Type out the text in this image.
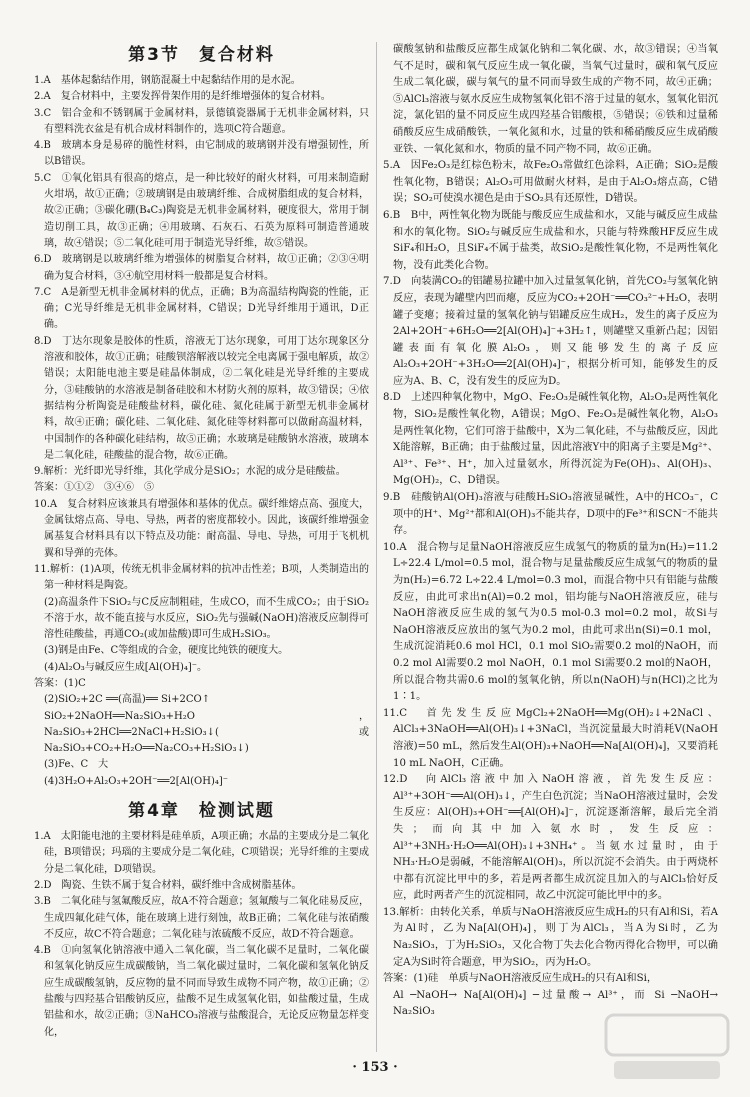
第3节　复合材料

1.A　基体起黏结作用，钢筋混凝土中起黏结作用的是水泥。

2.A　复合材料中，主要发挥骨架作用的是纤维增强体的复合材料。

3.C　铝合金和不锈钢属于金属材料，景德镇瓷器属于无机非金属材料，只有塑料洗衣盆是有机合成材料制作的，选项C符合题意。

4.B　玻璃本身是易碎的脆性材料，由它制成的玻璃钢并没有增强韧性，所以B错误。

5.C　①氧化铝具有很高的熔点，是一种比较好的耐火材料，可用来制造耐火坩埚，故①正确；②玻璃钢是由玻璃纤维、合成树脂组成的复合材料，故②正确；③碳化硼(B₄C₃)陶瓷是无机非金属材料，硬度很大，常用于制造切削工具，故③正确；④用玻璃、石灰石、石英为原料可制造普通玻璃，故④错误；⑤二氧化硅可用于制造光导纤维，故⑤错误。

6.D　玻璃钢是以玻璃纤维为增强体的树脂复合材料，故①正确；②③④明确为复合材料，③④航空用材料一般都是复合材料。

7.C　A是新型无机非金属材料的优点，正确；B为高温结构陶瓷的性能，正确；C光导纤维是无机非金属材料，C错误；D光导纤维用于通讯，D正确。

8.D　丁达尔现象是胶体的性质，溶液无丁达尔现象，可用丁达尔现象区分溶液和胶体，故①正确；硅酸钡溶解液以较完全电离属于强电解质，故②错误；太阳能电池主要是硅晶体制成，②二氧化硅是光导纤维的主要成分，③硅酸钠的水溶液是制备硅胶和木材防火剂的原料，故③错误；④依据结构分析陶瓷是硅酸盐材料，碳化硅、氮化硅属于新型无机非金属材料，故④正确；碳化硅、二氧化硅、氮化硅等材料都可以做耐高温材料，中国制作的各种碳化硅结构，故⑤正确；水玻璃是硅酸钠水溶液，玻璃本是二氧化硅，硅酸盐的混合物，故⑥正确。

9.解析：光纤即光导纤维，其化学成分是SiO₂；水泥的成分是硅酸盐。

答案：①①②　③④⑥　⑤

10.A　复合材料应该兼具有增强体和基体的优点。碳纤维熔点高、强度大，金属钛熔点高、导电、导热，两者的密度都较小。因此，该碳纤维增强金属基复合材料具有以下特点及功能：耐高温、导电、导热，可用于飞机机翼和导弹的壳体。

11.解析：(1)A项，传统无机非金属材料的抗冲击性差；B项，人类制造出的第一种材料是陶瓷。

(2)高温条件下SiO₂与C反应制粗硅，生成CO，而不生成CO₂；由于SiO₂不溶于水，故不能直接与水反应，SiO₂先与强碱(NaOH)溶液反应制得可溶性硅酸盐，再通CO₂(或加盐酸)即可生成H₂SiO₃。

(3)钢是由Fe、C等组成的合金，硬度比纯铁的硬度大。

(4)Al₂O₃与碱反应生成[Al(OH)₄]⁻。

答案：(1)C

(2)SiO₂+2C ══(高温)══ Si+2CO↑

SiO₂+2NaOH══Na₂SiO₃+H₂O，Na₂SiO₃+2HCl══2NaCl+H₂SiO₃↓(或Na₂SiO₃+CO₂+H₂O══Na₂CO₃+H₂SiO₃↓)

(3)Fe、C　大

(4)3H₂O+Al₂O₃+2OH⁻══2[Al(OH)₄]⁻

第4章　检测试题

1.A　太阳能电池的主要材料是硅单质，A项正确；水晶的主要成分是二氧化硅，B项错误；玛瑙的主要成分是二氧化硅，C项错误；光导纤维的主要成分是二氧化硅，D项错误。

2.D　陶瓷、生铁不属于复合材料，碳纤维中含成树脂基体。

3.B　二氧化硅与氢氟酸反应，故A不符合题意；氢氟酸与二氧化硅易反应，生成四氟化硅气体，能在玻璃上进行刻蚀，故B正确；二氧化硅与浓硝酸不反应，故C不符合题意；二氧化硅与浓硫酸不反应，故D不符合题意。

4.B　①向氢氧化钠溶液中通入二氧化碳，当二氧化碳不足量时，二氧化碳和氢氧化钠反应生成碳酸钠，当二氧化碳过量时，二氧化碳和氢氧化钠反应生成碳酸氢钠，反应物的量不同而导致生成物不同产物，故①正确；②盐酸与四羟基合铝酸钠反应，盐酸不足生成氢氧化铝，如盐酸过量，生成铝盐和水，故②正确；③NaHCO₃溶液与盐酸混合，无论反应物量怎样变化，

碳酸氢钠和盐酸反应都生成氯化钠和二氧化碳、水，故③错误；④当氧气不足时，碳和氧气反应生成一氧化碳，当氧气过量时，碳和氧气反应生成二氧化碳，碳与氧气的量不同而导致生成的产物不同，故④正确；⑤AlCl₃溶液与氨水反应生成物氢氧化铝不溶于过量的氨水，氢氧化铝沉淀，氯化铝的量不同反应生成四羟基合铝酸根，⑤错误；⑥铁和过量稀硝酸反应生成硝酸铁，一氧化氮和水，过量的铁和稀硝酸反应生成硝酸亚铁、一氧化氮和水，物质的量不同产物不同，故⑥正确。

5.A　因Fe₂O₃是红棕色粉末，故Fe₂O₃常做红色涂料，A正确；SiO₂是酸性氧化物，B错误；Al₂O₃可用做耐火材料，是由于Al₂O₃熔点高，C错误；SO₂可使溴水褪色是由于SO₂具有还原性，D错误。

6.B　B中，两性氧化物为既能与酸反应生成盐和水，又能与碱反应生成盐和水的氧化物。SiO₂与碱反应生成盐和水，只能与特殊酸HF反应生成SiF₄和H₂O，且SiF₄不属于盐类，故SiO₂是酸性氧化物，不是两性氧化物，没有此类化合物。

7.D　向装满CO₂的铝罐易拉罐中加入过量氢氧化钠，首先CO₂与氢氧化钠反应，表现为罐壁内凹而瘪，反应为CO₂+2OH⁻══CO₃²⁻+H₂O，表明罐子变瘪；接着过量的氢氧化钠与铝罐反应生成H₂，发生的离子反应为2Al+2OH⁻+6H₂O══2[Al(OH)₄]⁻+3H₂↑，则罐壁又重新凸起；因铝罐表面有氧化膜Al₂O₃，则又能够发生的离子反应Al₂O₃+2OH⁻+3H₂O══2[Al(OH)₄]⁻，根据分析可知，能够发生的反应为A、B、C，没有发生的反应为D。

8.D　上述四种氧化物中，MgO、Fe₂O₃是碱性氧化物，Al₂O₃是两性氧化物，SiO₂是酸性氧化物，A错误；MgO、Fe₂O₃是碱性氧化物，Al₂O₃是两性氧化物，它们可溶于盐酸中，X为二氧化硅，不与盐酸反应，因此X能溶解，B正确；由于盐酸过量，因此溶液Y中的阳离子主要是Mg²⁺、Al³⁺、Fe³⁺、H⁺，加入过量氨水，所得沉淀为Fe(OH)₃、Al(OH)₃、Mg(OH)₂，C、D错误。

9.B　硅酸钠Al(OH)₃溶液与硅酸H₂SiO₃溶液显碱性，A中的HCO₃⁻，C项中的H⁺、Mg²⁺都和Al(OH)₃不能共存，D项中的Fe³⁺和SCN⁻不能共存。

10.A　混合物与足量NaOH溶液反应生成氢气的物质的量为n(H₂)=11.2 L÷22.4 L/mol=0.5 mol，混合物与足量盐酸反应生成氢气的物质的量为n(H₂)=6.72 L÷22.4 L/mol=0.3 mol，而混合物中只有铝能与盐酸反应，由此可求出n(Al)=0.2 mol，铝均能与NaOH溶液反应，硅与NaOH溶液反应生成的氢气为0.5 mol-0.3 mol=0.2 mol，故Si与NaOH溶液反应放出的氢气为0.2 mol，由此可求出n(Si)=0.1 mol，生成沉淀消耗0.6 mol HCl，0.1 mol SiO₂需要0.2 mol的NaOH，而0.2 mol Al需要0.2 mol NaOH，0.1 mol Si需要0.2 mol的NaOH，所以混合物共需0.6 mol的氢氧化钠，所以n(NaOH)与n(HCl)之比为1∶1。

11.C　首先发生反应MgCl₂+2NaOH══Mg(OH)₂↓+2NaCl、AlCl₃+3NaOH══Al(OH)₃↓+3NaCl，当沉淀量最大时消耗V(NaOH溶液)=50 mL，然后发生Al(OH)₃+NaOH══Na[Al(OH)₄]，又要消耗10 mL NaOH，C正确。

12.D　向AlCl₃溶液中加入NaOH溶液，首先发生反应：Al³⁺+3OH⁻══Al(OH)₃↓，产生白色沉淀；当NaOH溶液过量时，会发生反应：Al(OH)₃+OH⁻══[Al(OH)₄]⁻，沉淀逐渐溶解，最后完全消失；而向其中加入氨水时，发生反应：Al³⁺+3NH₃·H₂O══Al(OH)₃↓+3NH₄⁺。当氨水过量时，由于NH₃·H₂O是弱碱，不能溶解Al(OH)₃，所以沉淀不会消失。由于两烧杯中都有沉淀比甲中的多，若是两者都生成沉淀且加入的与AlCl₃恰好反应，此时两者产生的沉淀相同，故乙中沉淀可能比甲中的多。

13.解析：由转化关系，单质与NaOH溶液反应生成H₂的只有Al和Si，若A为Al时，乙为Na[Al(OH)₄]，则丁为AlCl₃，当A为Si时，乙为Na₂SiO₃，丁为H₂SiO₃，又化合物丁失去化合物丙得化合物甲，可以确定A为Si时符合题意，甲为SiO₂，丙为H₂O。

答案：(1)硅　单质与NaOH溶液反应生成H₂的只有Al和Si，

Al ─NaOH→ Na[Al(OH)₄] ─过量酸→ Al³⁺，而 Si ─NaOH→ Na₂SiO₃

· 153 ·
